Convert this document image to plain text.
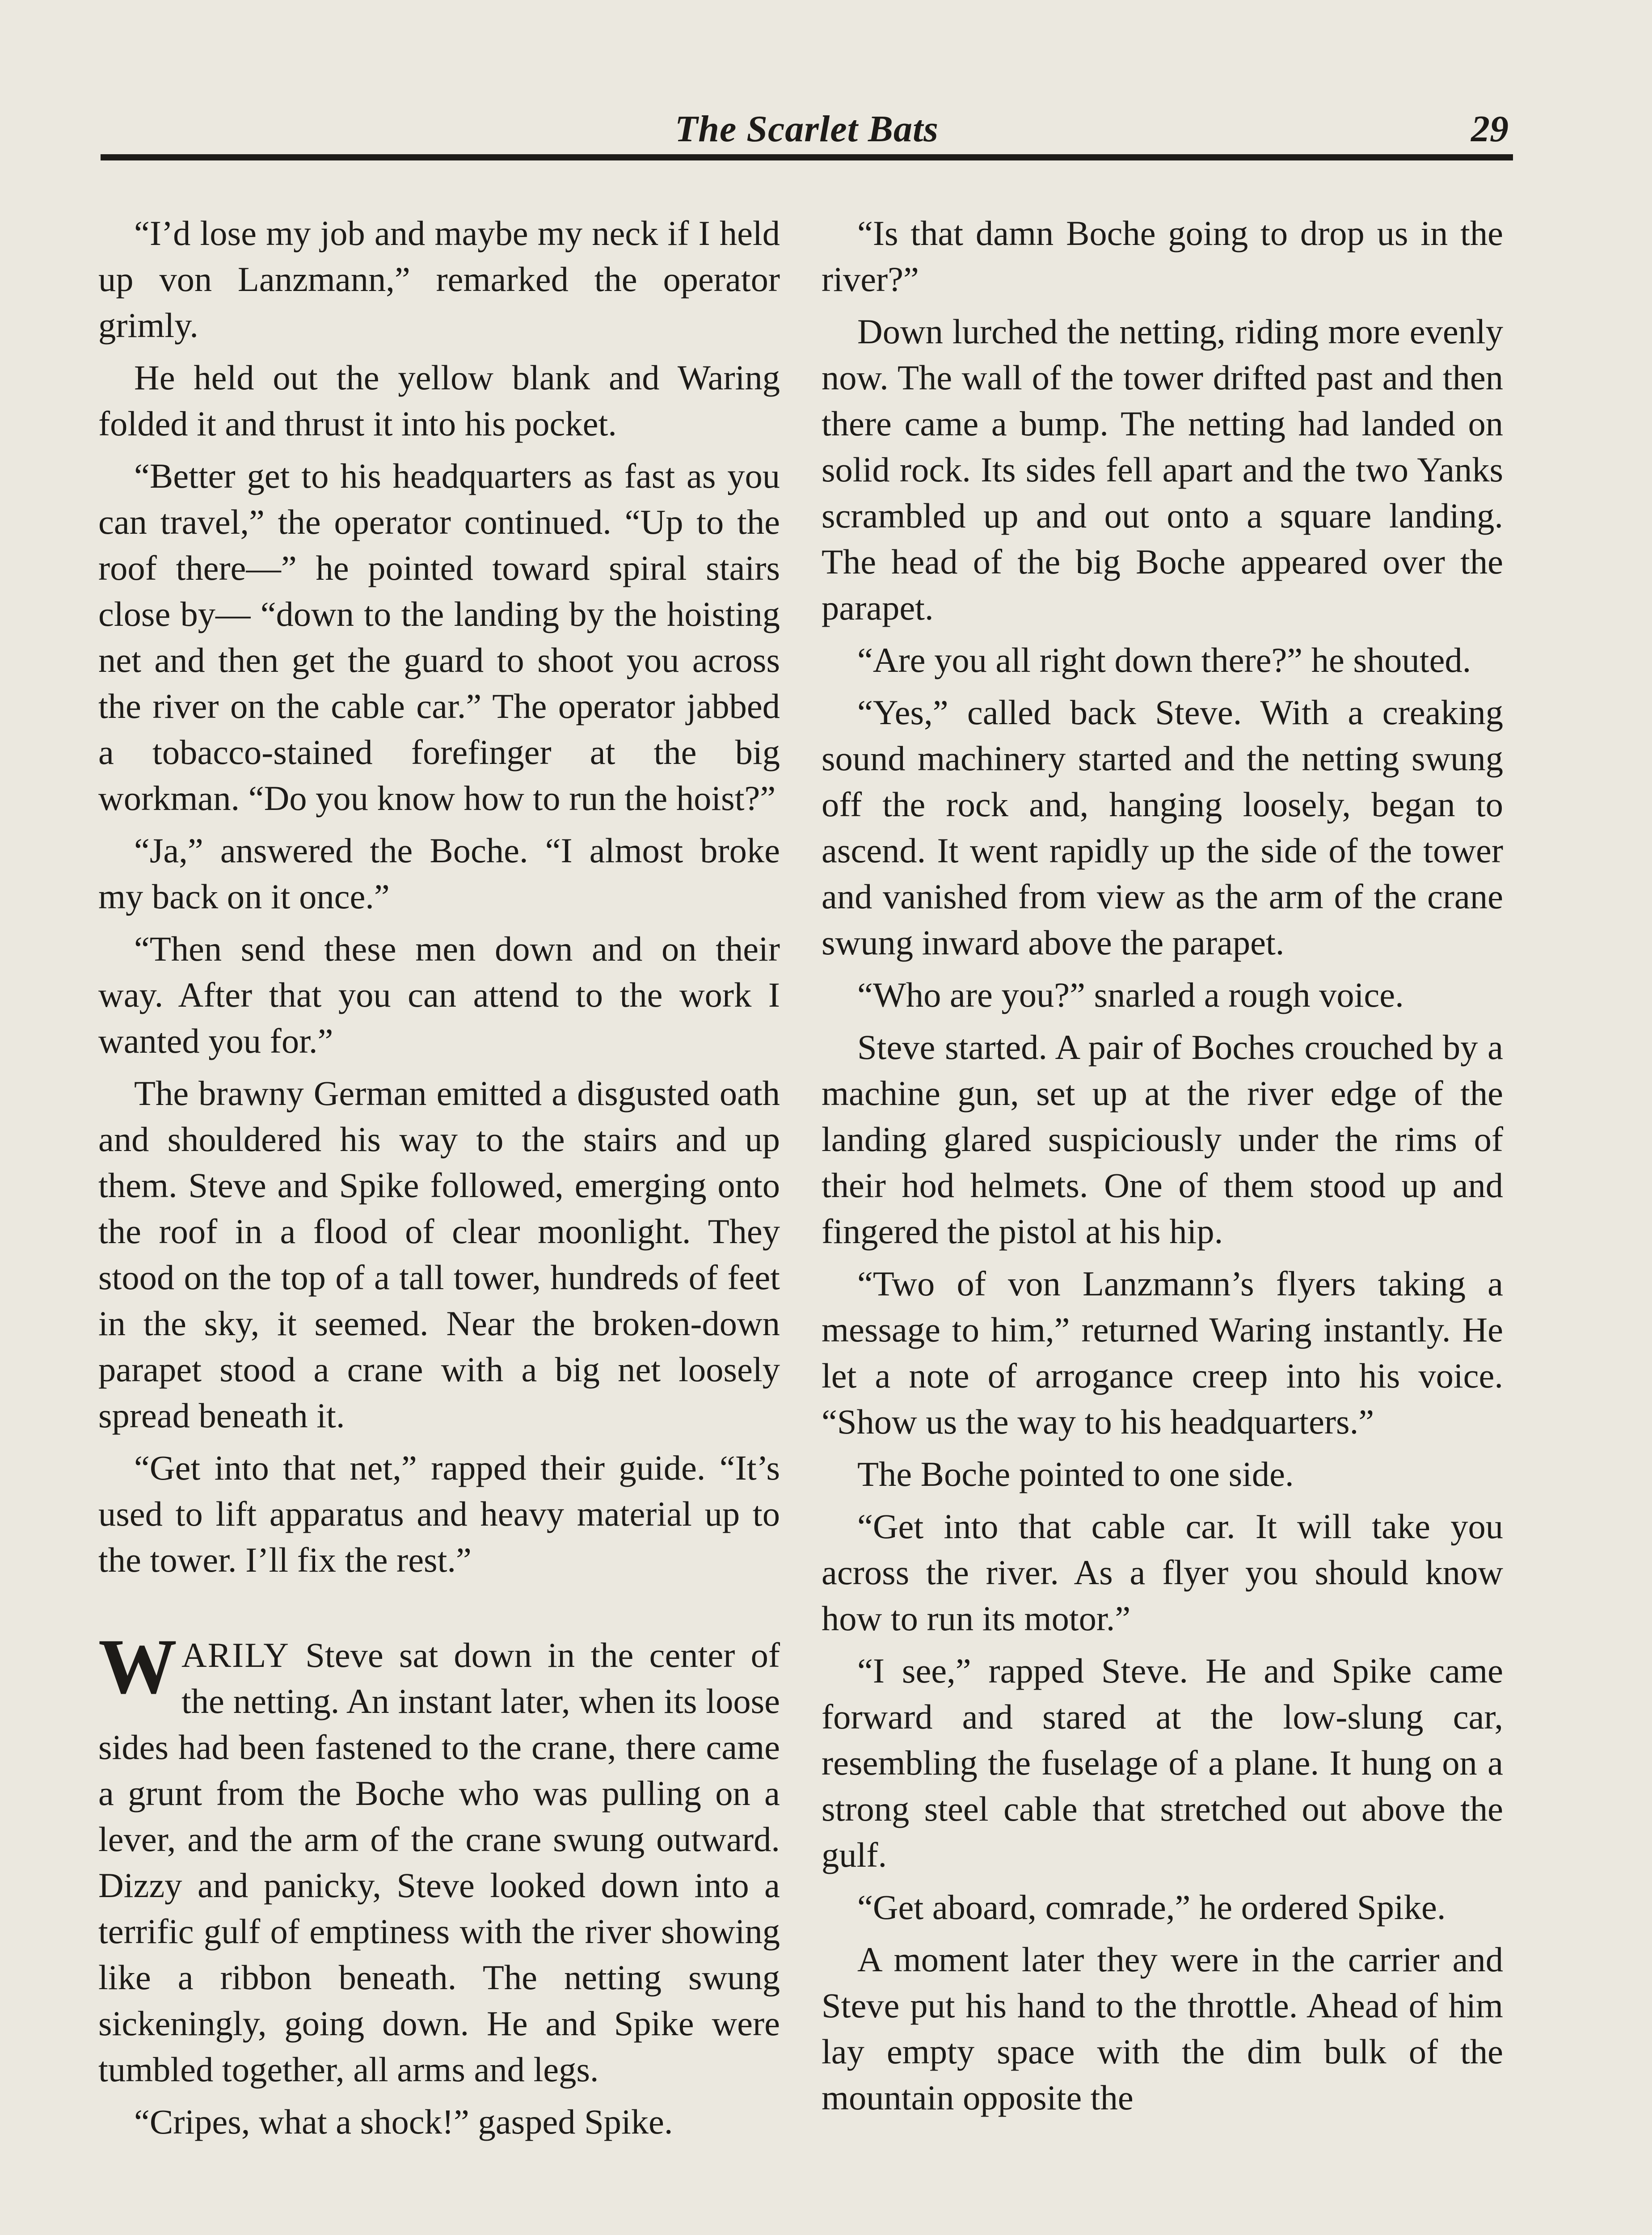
The Scarlet Bats	29

“I’d lose my job and maybe my neck if I held up von Lanzmann,” remarked the operator grimly.

He held out the yellow blank and Waring folded it and thrust it into his pocket.

“Better get to his headquarters as fast as you can travel,” the operator continued. “Up to the roof there—” he pointed toward spiral stairs close by— “down to the landing by the hoisting net and then get the guard to shoot you across the river on the cable car.” The operator jabbed a tobacco-stained forefinger at the big workman. “Do you know how to run the hoist?”

“Ja,” answered the Boche. “I almost broke my back on it once.”

“Then send these men down and on their way. After that you can attend to the work I wanted you for.”

The brawny German emitted a disgusted oath and shouldered his way to the stairs and up them. Steve and Spike followed, emerging onto the roof in a flood of clear moonlight. They stood on the top of a tall tower, hundreds of feet in the sky, it seemed. Near the broken-down parapet stood a crane with a big net loosely spread beneath it.

“Get into that net,” rapped their guide. “It’s used to lift apparatus and heavy material up to the tower. I’ll fix the rest.”

WARILY Steve sat down in the center of the netting. An instant later, when its loose sides had been fastened to the crane, there came a grunt from the Boche who was pulling on a lever, and the arm of the crane swung outward. Dizzy and panicky, Steve looked down into a terrific gulf of emptiness with the river showing like a ribbon beneath. The netting swung sickeningly, going down. He and Spike were tumbled together, all arms and legs.

“Cripes, what a shock!” gasped Spike.

“Is that damn Boche going to drop us in the river?”

Down lurched the netting, riding more evenly now. The wall of the tower drifted past and then there came a bump. The netting had landed on solid rock. Its sides fell apart and the two Yanks scrambled up and out onto a square landing. The head of the big Boche appeared over the parapet.

“Are you all right down there?” he shouted.

“Yes,” called back Steve. With a creaking sound machinery started and the netting swung off the rock and, hanging loosely, began to ascend. It went rapidly up the side of the tower and vanished from view as the arm of the crane swung inward above the parapet.

“Who are you?” snarled a rough voice.

Steve started. A pair of Boches crouched by a machine gun, set up at the river edge of the landing glared suspiciously under the rims of their hod helmets. One of them stood up and fingered the pistol at his hip.

“Two of von Lanzmann’s flyers taking a message to him,” returned Waring instantly. He let a note of arrogance creep into his voice. “Show us the way to his headquarters.”

The Boche pointed to one side.

“Get into that cable car. It will take you across the river. As a flyer you should know how to run its motor.”

“I see,” rapped Steve. He and Spike came forward and stared at the low-slung car, resembling the fuselage of a plane. It hung on a strong steel cable that stretched out above the gulf.

“Get aboard, comrade,” he ordered Spike.

A moment later they were in the carrier and Steve put his hand to the throttle. Ahead of him lay empty space with the dim bulk of the mountain opposite the
